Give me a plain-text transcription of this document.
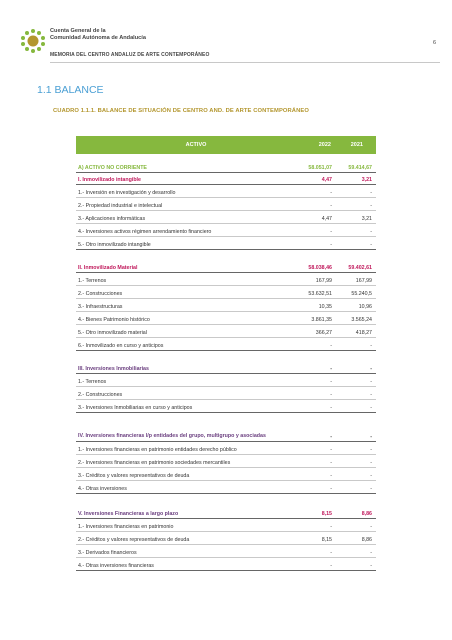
Cuenta General de la
Comunidad Autónoma de Andalucía
MEMORIA DEL CENTRO ANDALUZ DE ARTE CONTEMPORÁNEO
6
1.1 BALANCE
CUADRO 1.1.1. BALANCE DE SITUACIÓN DE CENTRO AND. DE ARTE CONTEMPORÁNEO
ACTIVO	2022	2021
A) ACTIVO NO CORRIENTE	58.051,07	59.414,67
I. Inmovilizado intangible	4,47	3,21
1.- Inversión en investigación y desarrollo	-	-
2.- Propiedad industrial e intelectual	-	-
3.- Aplicaciones informáticas	4,47	3,21
4.- Inversiones activos régimen arrendamiento financiero	-	-
5.- Otro inmovilizado intangible	-	-
II. Inmovilizado Material	58.038,46	59.402,61
1.- Terrenos	167,99	167,99
2.- Construcciones	53.632,51	55.240,5
3.- Infraestructuras	10,35	10,96
4.- Bienes Patrimonio histórico	3.861,35	3.565,24
5.- Otro inmovilizado material	366,27	418,27
6.- Inmovilizado en curso y anticipos	-	-
III. Inversiones Inmobiliarias	-	-
1.- Terrenos	-	-
2.- Construcciones	-	-
3.- Inversiones Inmobiliarias en curso y anticipos	-	-
IV. Inversiones financieras l/p entidades del grupo, multigrupo y asociadas	-	-
1.- Inversiones financieras en patrimonio entidades derecho público	-	-
2.- Inversiones financieras en patrimonio sociedades mercantiles	-	-
3.- Créditos y valores representativos de deuda	-	-
4.- Otras inversiones	-	-
V. Inversiones Financieras a largo plazo	8,15	8,86
1.- Inversiones financieras en patrimonio	-	-
2.- Créditos y valores representativos de deuda	8,15	8,86
3.- Derivados financieros	-	-
4.- Otras inversiones financieras	-	-
